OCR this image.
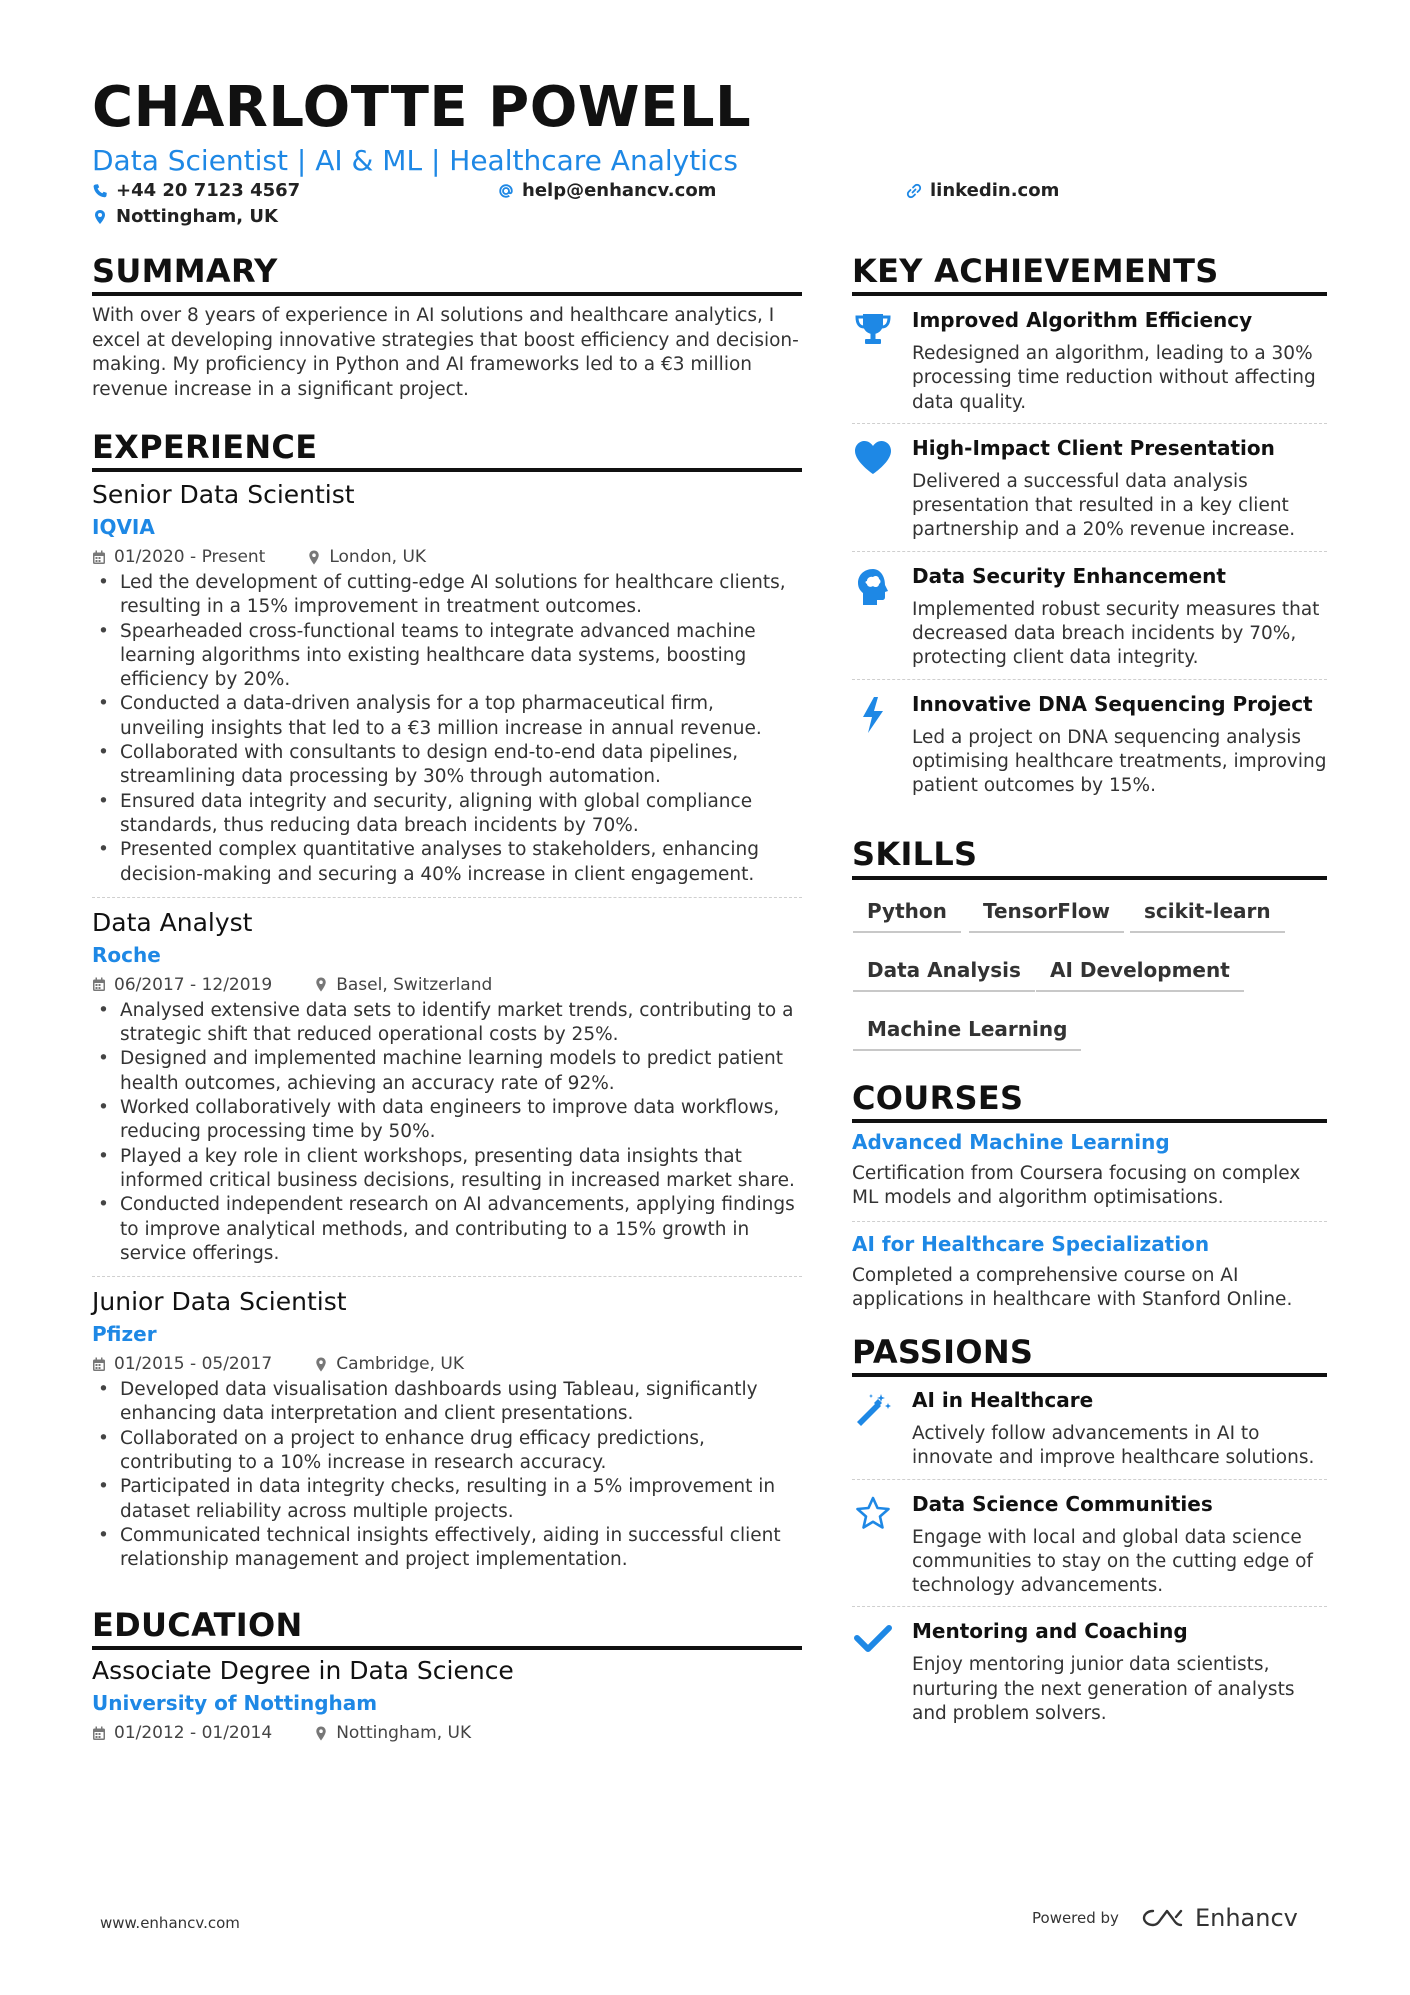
CHARLOTTE POWELL
Data Scientist | AI & ML | Healthcare Analytics
+44 20 7123 4567	help@enhancv.com	linkedin.com
Nottingham, UK
SUMMARY
With over 8 years of experience in AI solutions and healthcare analytics, I excel at developing innovative strategies that boost efficiency and decision-making. My proficiency in Python and AI frameworks led to a €3 million revenue increase in a significant project.
EXPERIENCE
Senior Data Scientist
IQVIA
01/2020 - Present	London, UK
• Led the development of cutting-edge AI solutions for healthcare clients, resulting in a 15% improvement in treatment outcomes.
• Spearheaded cross-functional teams to integrate advanced machine learning algorithms into existing healthcare data systems, boosting efficiency by 20%.
• Conducted a data-driven analysis for a top pharmaceutical firm, unveiling insights that led to a €3 million increase in annual revenue.
• Collaborated with consultants to design end-to-end data pipelines, streamlining data processing by 30% through automation.
• Ensured data integrity and security, aligning with global compliance standards, thus reducing data breach incidents by 70%.
• Presented complex quantitative analyses to stakeholders, enhancing decision-making and securing a 40% increase in client engagement.
Data Analyst
Roche
06/2017 - 12/2019	Basel, Switzerland
• Analysed extensive data sets to identify market trends, contributing to a strategic shift that reduced operational costs by 25%.
• Designed and implemented machine learning models to predict patient health outcomes, achieving an accuracy rate of 92%.
• Worked collaboratively with data engineers to improve data workflows, reducing processing time by 50%.
• Played a key role in client workshops, presenting data insights that informed critical business decisions, resulting in increased market share.
• Conducted independent research on AI advancements, applying findings to improve analytical methods, and contributing to a 15% growth in service offerings.
Junior Data Scientist
Pfizer
01/2015 - 05/2017	Cambridge, UK
• Developed data visualisation dashboards using Tableau, significantly enhancing data interpretation and client presentations.
• Collaborated on a project to enhance drug efficacy predictions, contributing to a 10% increase in research accuracy.
• Participated in data integrity checks, resulting in a 5% improvement in dataset reliability across multiple projects.
• Communicated technical insights effectively, aiding in successful client relationship management and project implementation.
EDUCATION
Associate Degree in Data Science
University of Nottingham
01/2012 - 01/2014	Nottingham, UK
KEY ACHIEVEMENTS
Improved Algorithm Efficiency
Redesigned an algorithm, leading to a 30% processing time reduction without affecting data quality.
High-Impact Client Presentation
Delivered a successful data analysis presentation that resulted in a key client partnership and a 20% revenue increase.
Data Security Enhancement
Implemented robust security measures that decreased data breach incidents by 70%, protecting client data integrity.
Innovative DNA Sequencing Project
Led a project on DNA sequencing analysis optimising healthcare treatments, improving patient outcomes by 15%.
SKILLS
Python	TensorFlow	scikit-learn
Data Analysis	AI Development
Machine Learning
COURSES
Advanced Machine Learning
Certification from Coursera focusing on complex ML models and algorithm optimisations.
AI for Healthcare Specialization
Completed a comprehensive course on AI applications in healthcare with Stanford Online.
PASSIONS
AI in Healthcare
Actively follow advancements in AI to innovate and improve healthcare solutions.
Data Science Communities
Engage with local and global data science communities to stay on the cutting edge of technology advancements.
Mentoring and Coaching
Enjoy mentoring junior data scientists, nurturing the next generation of analysts and problem solvers.
www.enhancv.com	Powered by	Enhancv
